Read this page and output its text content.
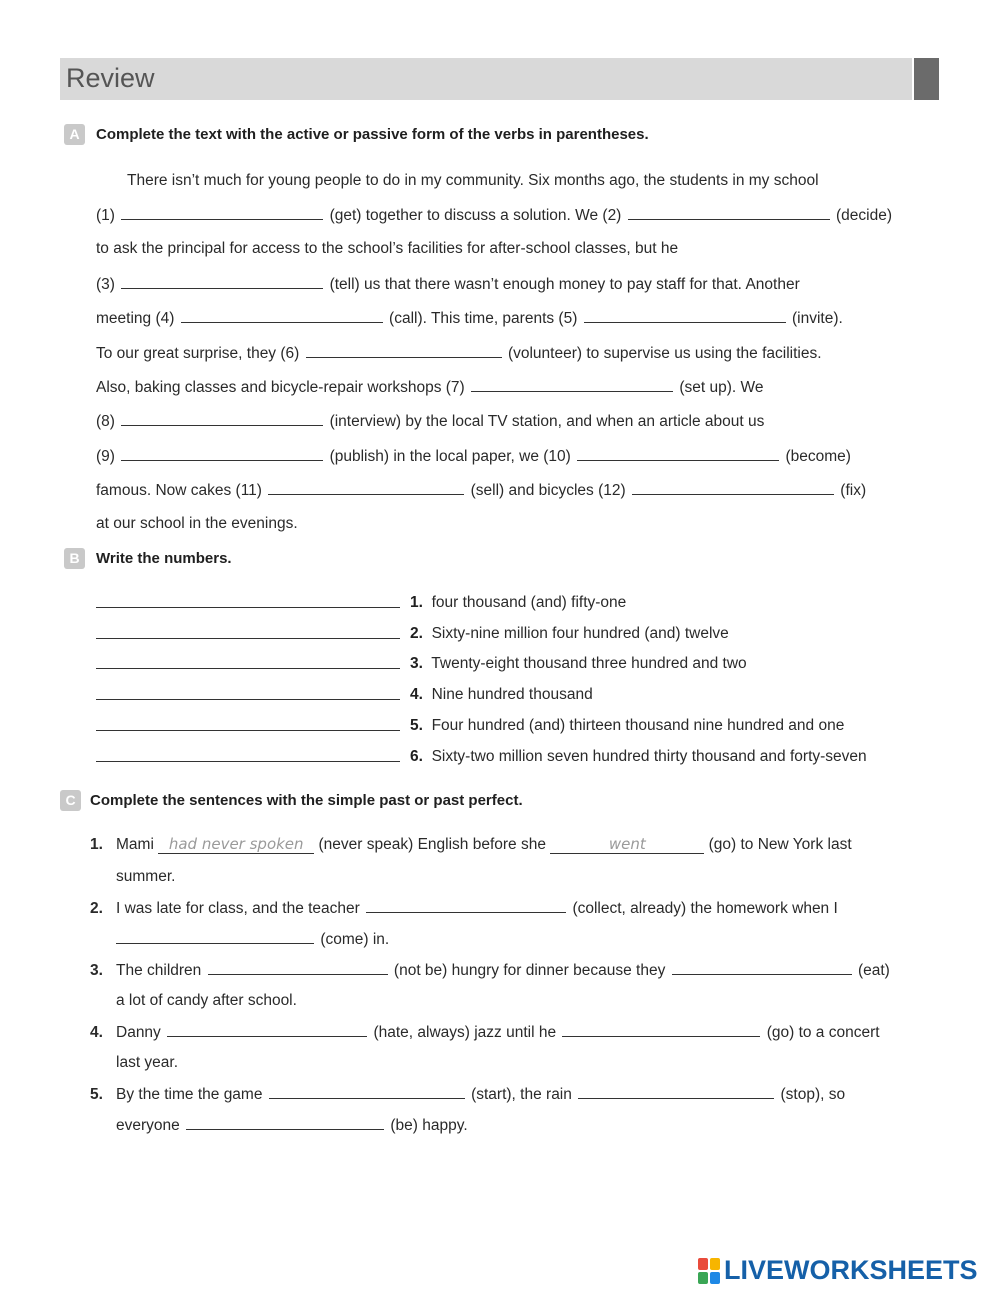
Review
A	Complete the text with the active or passive form of the verbs in parentheses.
There isn’t much for young people to do in my community. Six months ago, the students in my school
(1)	(get) together to discuss a solution. We (2)	(decide)
to ask the principal for access to the school’s facilities for after-school classes, but he
(3)	(tell) us that there wasn’t enough money to pay staff for that. Another
meeting (4)	(call). This time, parents (5)	(invite).
To our great surprise, they (6)	(volunteer) to supervise us using the facilities.
Also, baking classes and bicycle-repair workshops (7)	(set up). We
(8)	(interview) by the local TV station, and when an article about us
(9)	(publish) in the local paper, we (10)	(become)
famous. Now cakes (11)	(sell) and bicycles (12)	(fix)
at our school in the evenings.
B	Write the numbers.
1. four thousand (and) fifty-one
2. Sixty-nine million four hundred (and) twelve
3. Twenty-eight thousand three hundred and two
4. Nine hundred thousand
5. Four hundred (and) thirteen thousand nine hundred and one
6. Sixty-two million seven hundred thirty thousand and forty-seven
C Complete the sentences with the simple past or past perfect.
1. Mami had never spoken (never speak) English before she	went	(go) to New York last
summer.
2. I was late for class, and the teacher	(collect, already) the homework when I
(come) in.
3. The children	(not be) hungry for dinner because they	(eat)
a lot of candy after school.
4. Danny	(hate, always) jazz until he	(go) to a concert
last year.
5. By the time the game	(start), the rain	(stop), so
everyone	(be) happy.
LIVEWORKSHEETS
